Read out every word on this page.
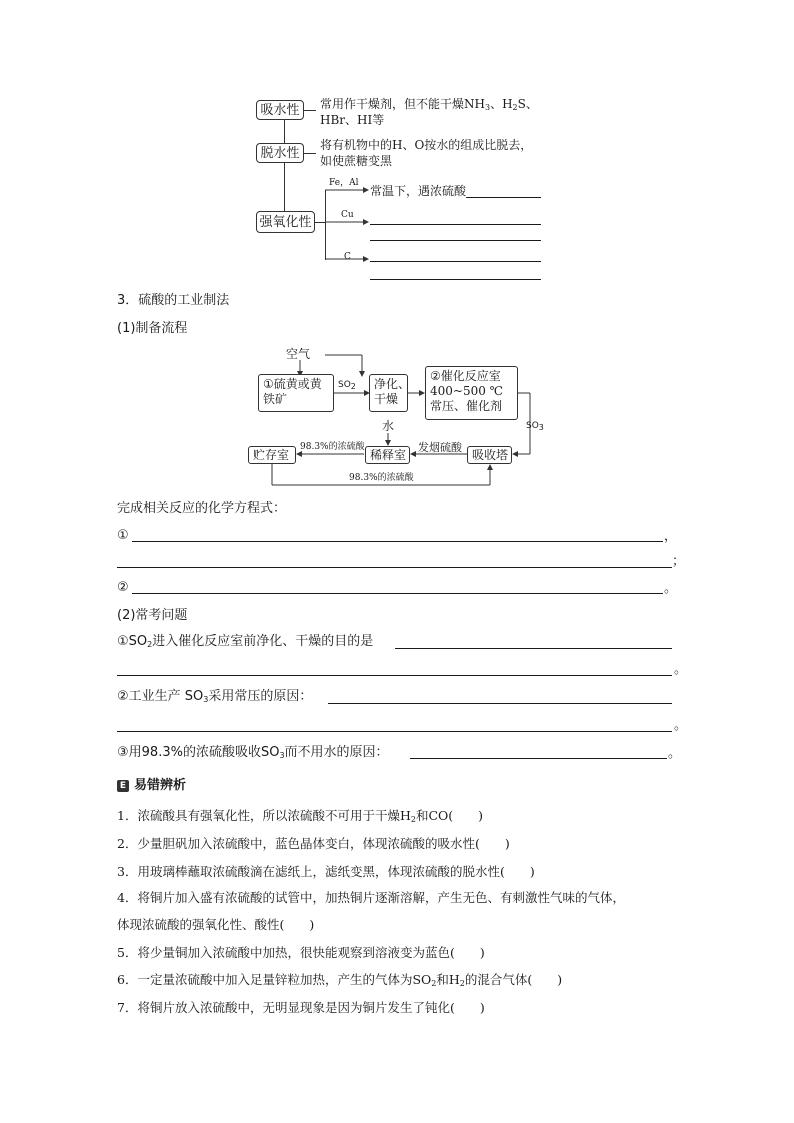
吸水性 常用作干燥剂，但不能干燥$NH_3$、$H_2S$、
HBr、HI等
脱水性
将有机物中的H、O按水的组成比脱去，
如使蔗糖变黑
强氧化性
Fe，Al
常温下，遇浓硫酸
Cu
C
3．硫酸的工业制法
(1)制备流程
空气
①硫黄或黄
铁矿
$SO_2$ 净化、
干燥
②催化反应室
400~500 ℃
常压、催化剂
$SO_3$
水
贮存室	稀释室	吸收塔
98.3%的浓硫酸	发烟硫酸
98.3%的浓硫酸
完成相关反应的化学方程式：
①	，
；
②	。
(2)常考问题
$①SO_2$进入催化反应室前净化、干燥的目的是
。
②工业生产 $SO_3$采用常压的原因：
。
③用98.3%的浓硫酸吸收$SO_3$而不用水的原因：	。
E 易错辨析
1．浓硫酸具有强氧化性，所以浓硫酸不可用于干燥$H_2$和CO(　　)
2．少量胆矾加入浓硫酸中，蓝色晶体变白，体现浓硫酸的吸水性(　　)
3．用玻璃棒蘸取浓硫酸滴在滤纸上，滤纸变黑，体现浓硫酸的脱水性(　　)
4．将铜片加入盛有浓硫酸的试管中，加热铜片逐渐溶解，产生无色、有刺激性气味的气体，
体现浓硫酸的强氧化性、酸性(　　)
5．将少量铜加入浓硫酸中加热，很快能观察到溶液变为蓝色(　　)
6．一定量浓硫酸中加入足量锌粒加热，产生的气体为$SO_2$和$H_2$的混合气体(　　)
7．将铜片放入浓硫酸中，无明显现象是因为铜片发生了钝化(　　)
